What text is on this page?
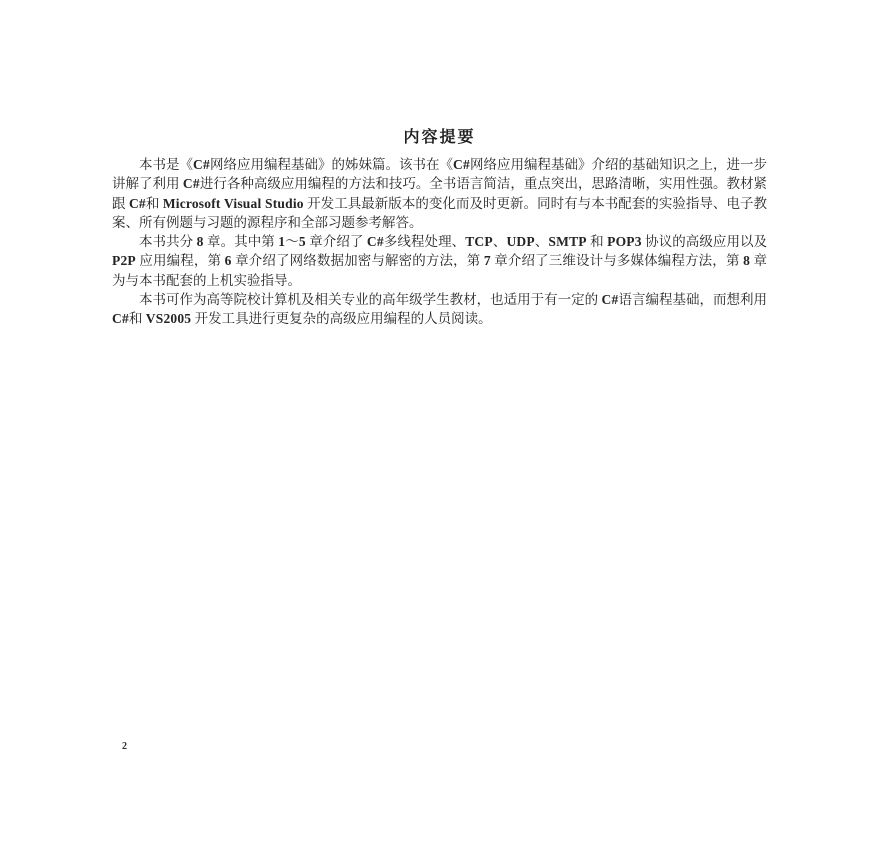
内容提要

本书是《C#网络应用编程基础》的姊妹篇。该书在《C#网络应用编程基础》介绍的基础知识之上，进一步讲解了利用 C#进行各种高级应用编程的方法和技巧。全书语言简洁，重点突出，思路清晰，实用性强。教材紧跟 C#和 Microsoft Visual Studio 开发工具最新版本的变化而及时更新。同时有与本书配套的实验指导、电子教案、所有例题与习题的源程序和全部习题参考解答。

本书共分 8 章。其中第 1～5 章介绍了 C#多线程处理、TCP、UDP、SMTP 和 POP3 协议的高级应用以及 P2P 应用编程，第 6 章介绍了网络数据加密与解密的方法，第 7 章介绍了三维设计与多媒体编程方法，第 8 章为与本书配套的上机实验指导。

本书可作为高等院校计算机及相关专业的高年级学生教材，也适用于有一定的 C#语言编程基础，而想利用 C#和 VS2005 开发工具进行更复杂的高级应用编程的人员阅读。

2
